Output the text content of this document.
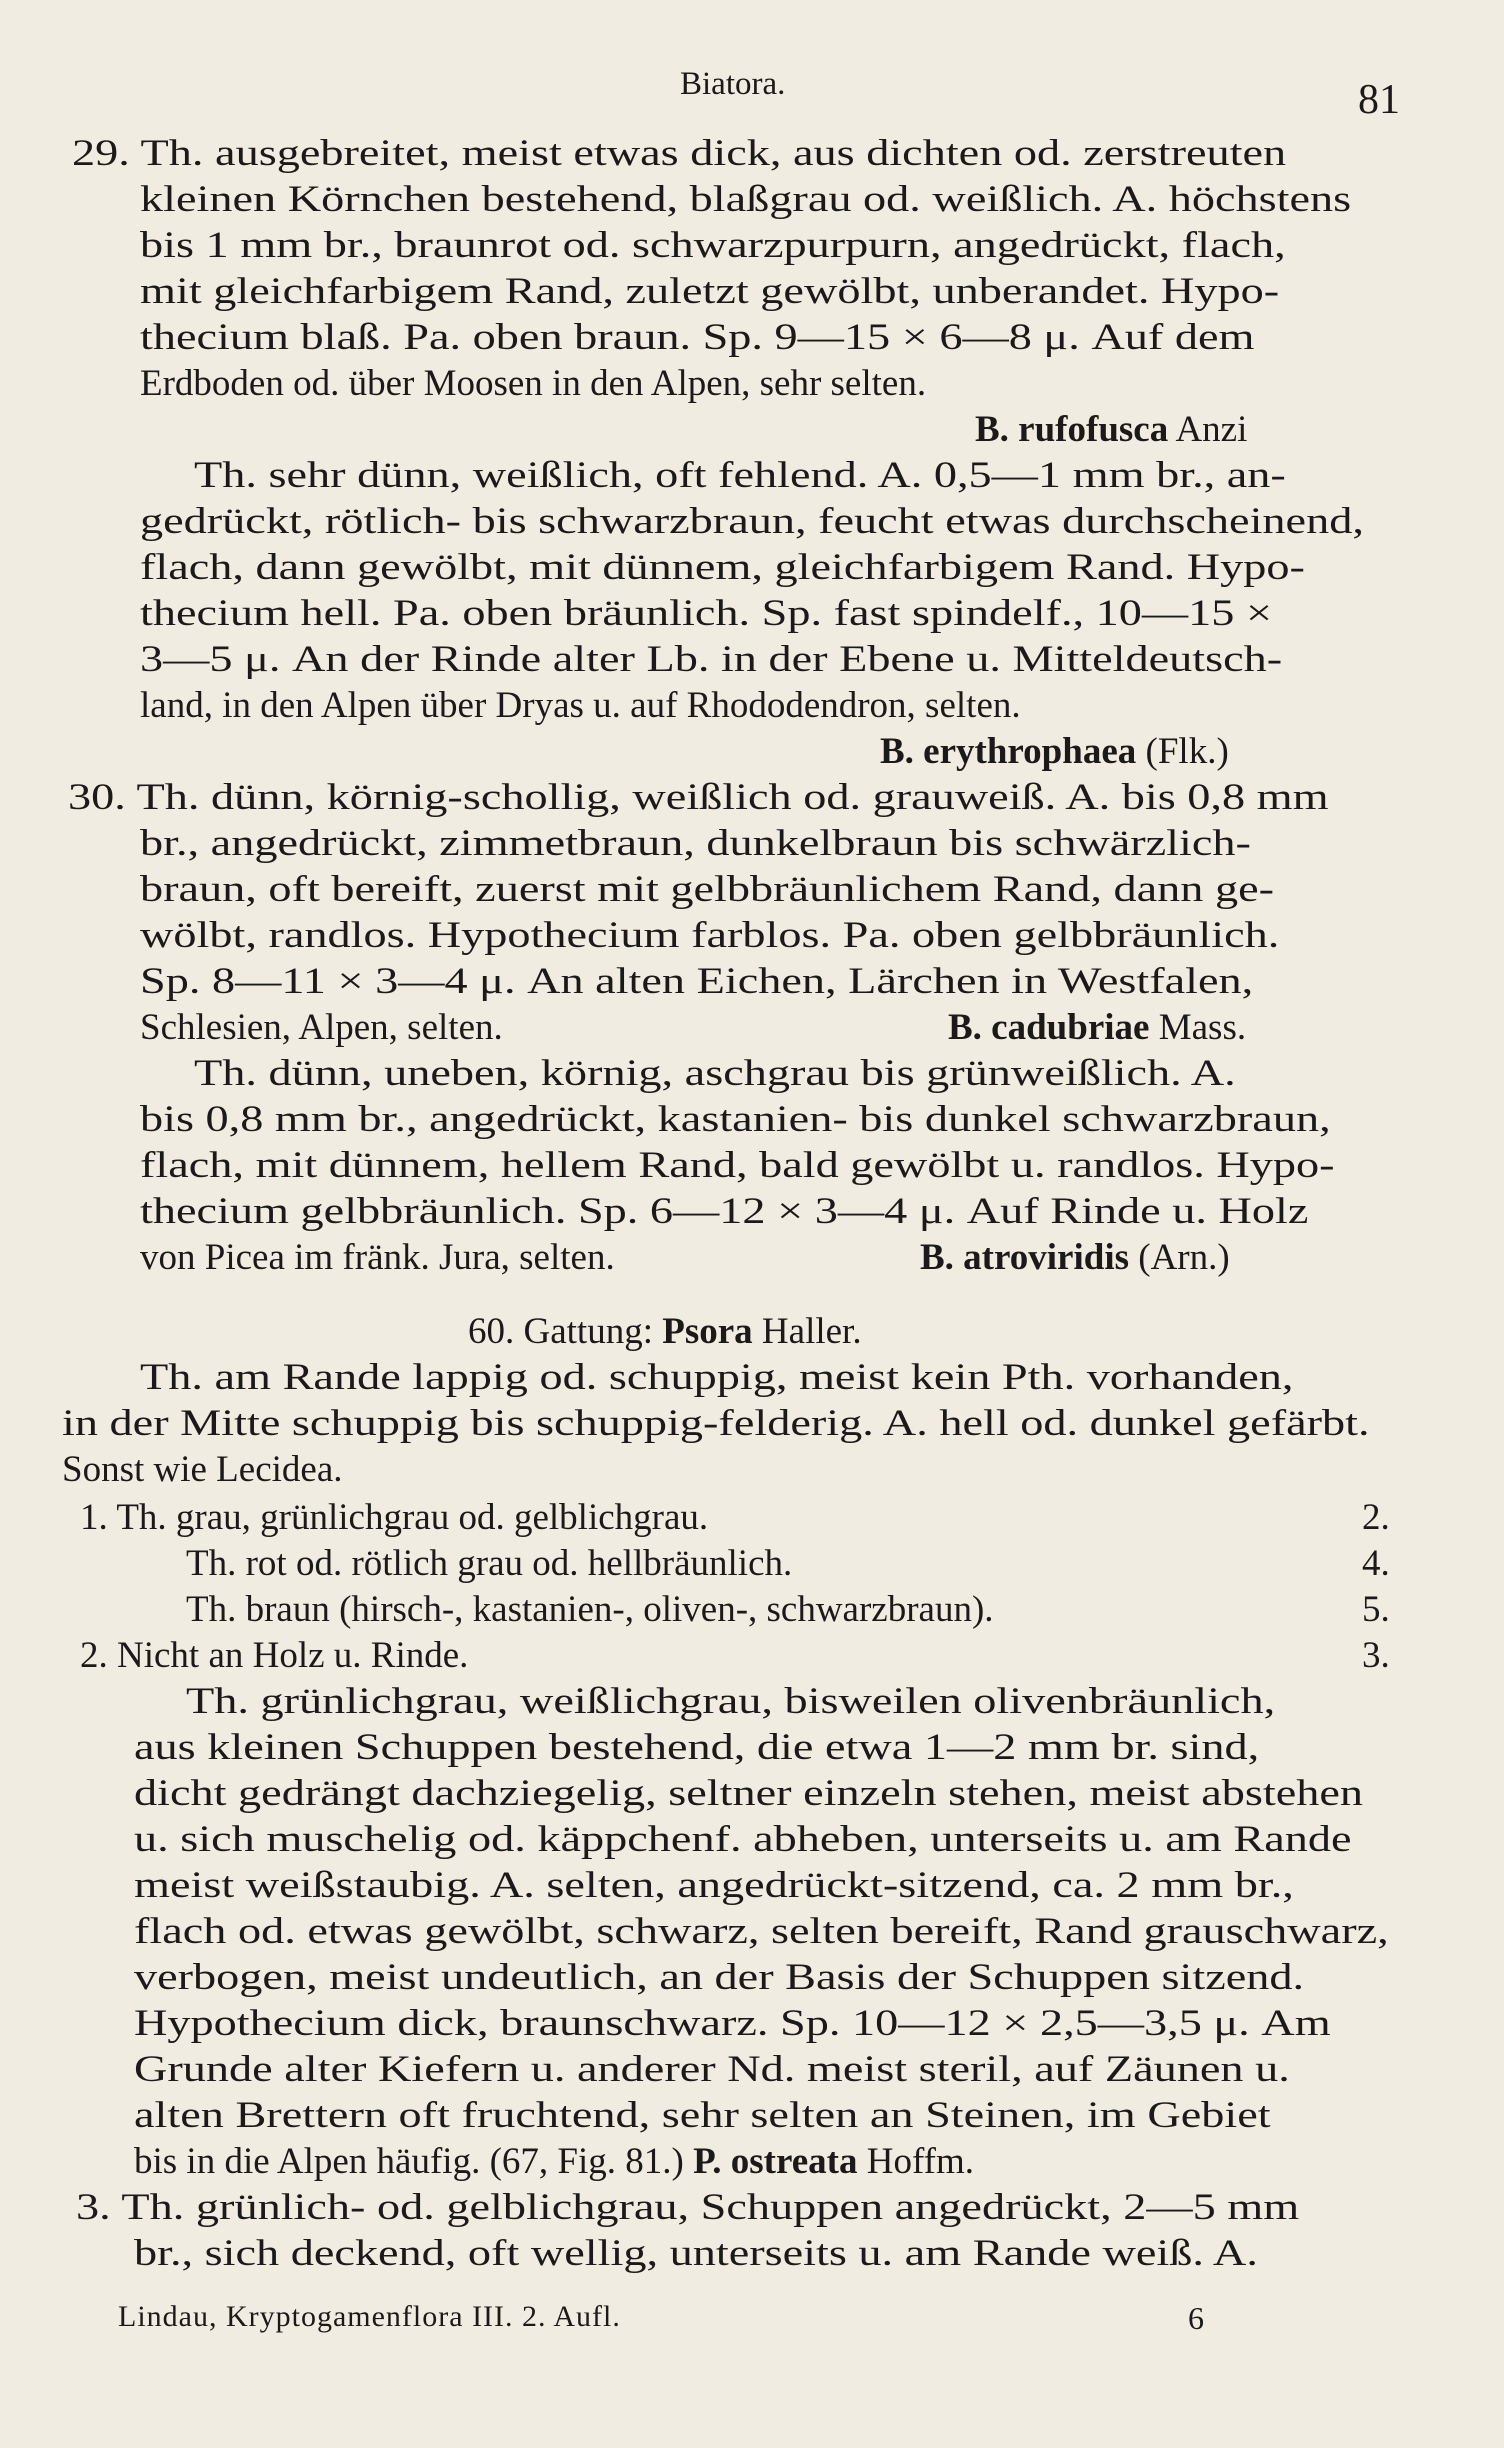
Biatora.	81
29. Th. ausgebreitet, meist etwas dick, aus dichten od. zerstreuten
kleinen Körnchen bestehend, blaßgrau od. weißlich. A. höchstens
bis 1 mm br., braunrot od. schwarzpurpurn, angedrückt, flach,
mit gleichfarbigem Rand, zuletzt gewölbt, unberandet. Hypo-
thecium blaß. Pa. oben braun. Sp. 9—15 × 6—8 μ. Auf dem
Erdboden od. über Moosen in den Alpen, sehr selten.
B. rufofusca Anzi
Th. sehr dünn, weißlich, oft fehlend. A. 0,5—1 mm br., an-
gedrückt, rötlich- bis schwarzbraun, feucht etwas durchscheinend,
flach, dann gewölbt, mit dünnem, gleichfarbigem Rand. Hypo-
thecium hell. Pa. oben bräunlich. Sp. fast spindelf., 10—15 ×
3—5 μ. An der Rinde alter Lb. in der Ebene u. Mitteldeutsch-
land, in den Alpen über Dryas u. auf Rhododendron, selten.
B. erythrophaea (Flk.)
30. Th. dünn, körnig-schollig, weißlich od. grauweiß. A. bis 0,8 mm
br., angedrückt, zimmetbraun, dunkelbraun bis schwärzlich-
braun, oft bereift, zuerst mit gelbbräunlichem Rand, dann ge-
wölbt, randlos. Hypothecium farblos. Pa. oben gelbbräunlich.
Sp. 8—11 × 3—4 μ. An alten Eichen, Lärchen in Westfalen,
Schlesien, Alpen, selten.	B. cadubriae Mass.
Th. dünn, uneben, körnig, aschgrau bis grünweißlich. A.
bis 0,8 mm br., angedrückt, kastanien- bis dunkel schwarzbraun,
flach, mit dünnem, hellem Rand, bald gewölbt u. randlos. Hypo-
thecium gelbbräunlich. Sp. 6—12 × 3—4 μ. Auf Rinde u. Holz
von Picea im fränk. Jura, selten.	B. atroviridis (Arn.)
60. Gattung: Psora Haller.
Th. am Rande lappig od. schuppig, meist kein Pth. vorhanden,
in der Mitte schuppig bis schuppig-felderig. A. hell od. dunkel gefärbt.
Sonst wie Lecidea.
1. Th. grau, grünlichgrau od. gelblichgrau.	2.
Th. rot od. rötlich grau od. hellbräunlich.	4.
Th. braun (hirsch-, kastanien-, oliven-, schwarzbraun).	5.
2. Nicht an Holz u. Rinde.	3.
Th. grünlichgrau, weißlichgrau, bisweilen olivenbräunlich,
aus kleinen Schuppen bestehend, die etwa 1—2 mm br. sind,
dicht gedrängt dachziegelig, seltner einzeln stehen, meist abstehen
u. sich muschelig od. käppchenf. abheben, unterseits u. am Rande
meist weißstaubig. A. selten, angedrückt-sitzend, ca. 2 mm br.,
flach od. etwas gewölbt, schwarz, selten bereift, Rand grauschwarz,
verbogen, meist undeutlich, an der Basis der Schuppen sitzend.
Hypothecium dick, braunschwarz. Sp. 10—12 × 2,5—3,5 μ. Am
Grunde alter Kiefern u. anderer Nd. meist steril, auf Zäunen u.
alten Brettern oft fruchtend, sehr selten an Steinen, im Gebiet
bis in die Alpen häufig. (67, Fig. 81.) P. ostreata Hoffm.
3. Th. grünlich- od. gelblichgrau, Schuppen angedrückt, 2—5 mm
br., sich deckend, oft wellig, unterseits u. am Rande weiß. A.
Lindau, Kryptogamenflora III. 2. Aufl.	6
